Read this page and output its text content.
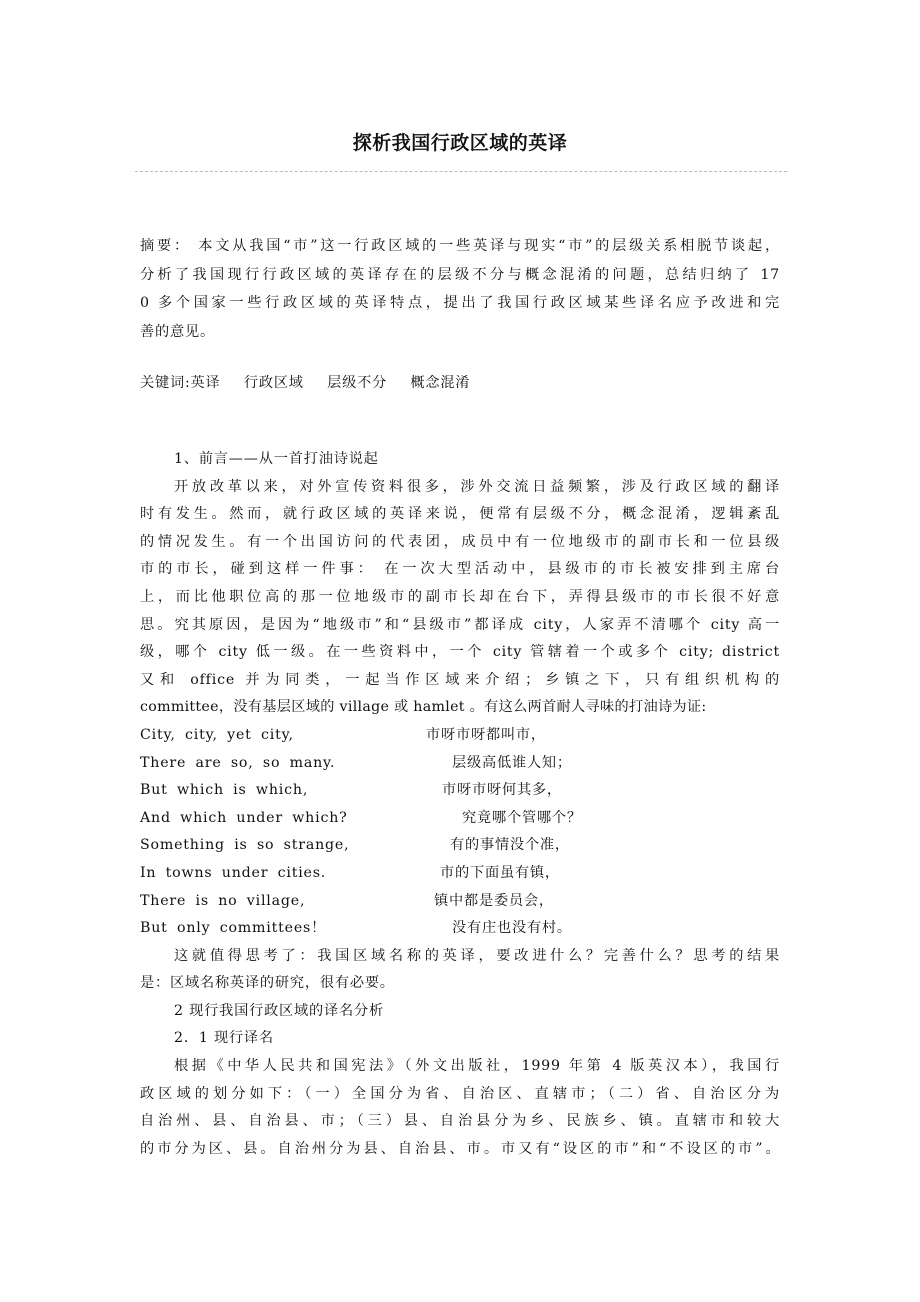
探析我国行政区域的英译
摘要： 本文从我国“市”这一行政区域的一些英译与现实“市”的层级关系相脱节谈起，
分析了我国现行行政区域的英译存在的层级不分与概念混淆的问题，总结归纳了 17
0 多个国家一些行政区域的英译特点，提出了我国行政区域某些译名应予改进和完
善的意见。
关键词:英译 行政区域 层级不分 概念混淆
1、前言——从一首打油诗说起
开放改革以来，对外宣传资料很多，涉外交流日益频繁，涉及行政区域的翻译
时有发生。然而，就行政区域的英译来说，便常有层级不分，概念混淆，逻辑紊乱
的情况发生。有一个出国访问的代表团，成员中有一位地级市的副市长和一位县级
市的市长，碰到这样一件事： 在一次大型活动中，县级市的市长被安排到主席台
上，而比他职位高的那一位地级市的副市长却在台下，弄得县级市的市长很不好意
思。究其原因，是因为“地级市”和“县级市”都译成 city，人家弄不清哪个 city 高一
级，哪个 city 低一级。在一些资料中，一个 city 管辖着一个或多个 city; district
又和 office 并为同类，一起当作区域来介绍；乡镇之下，只有组织机构的
committee，没有基层区域的 village 或 hamlet 。有这么两首耐人寻味的打油诗为证:
City, city, yet city,	市呀市呀都叫市，
There are so, so many.	层级高低谁人知；
But which is which,	市呀市呀何其多，
And which under which?	究竟哪个管哪个？
Something is so strange,	有的事情没个准，
In towns under cities.	市的下面虽有镇，
There is no village,	镇中都是委员会，
But only committees！	没有庄也没有村。
这就值得思考了：我国区域名称的英译，要改进什么？完善什么？思考的结果
是：区域名称英译的研究，很有必要。
2 现行我国行政区域的译名分析
2．1 现行译名
根据《中华人民共和国宪法》（外文出版社，1999 年第 4 版英汉本），我国行
政区域的划分如下：（一）全国分为省、自治区、直辖市；（二）省、自治区分为
自治州、县、自治县、市；（三）县、自治县分为乡、民族乡、镇。直辖市和较大
的市分为区、县。自治州分为县、自治县、市。市又有“设区的市”和“不设区的市”。
